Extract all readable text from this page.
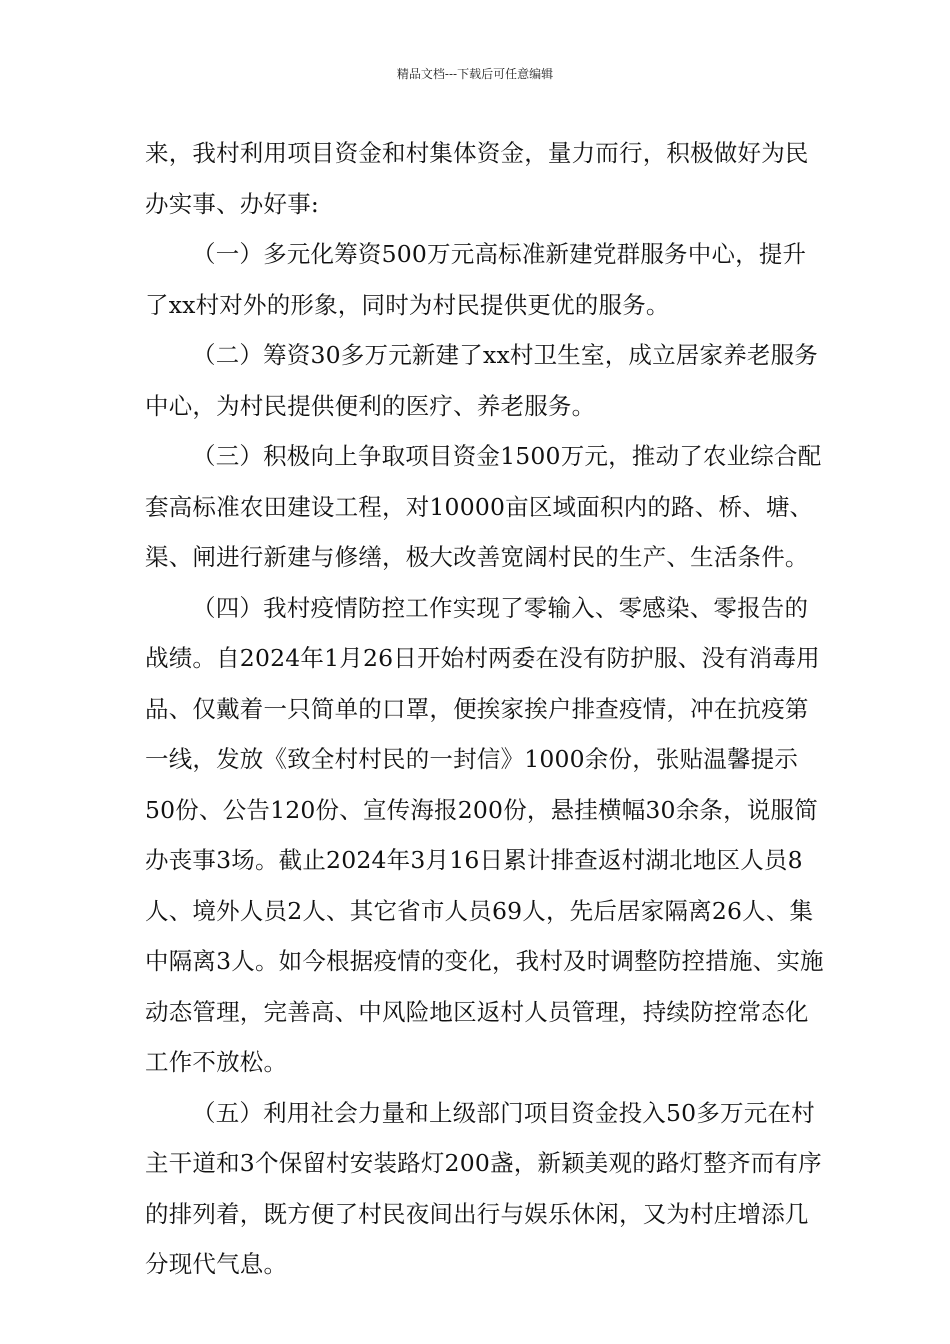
精品文档---下载后可任意编辑

来，我村利用项目资金和村集体资金，量力而行，积极做好为民办实事、办好事:

（一）多元化筹资500万元高标准新建党群服务中心，提升了xx村对外的形象，同时为村民提供更优的服务。

（二）筹资30多万元新建了xx村卫生室，成立居家养老服务中心，为村民提供便利的医疗、养老服务。

（三）积极向上争取项目资金1500万元，推动了农业综合配套高标准农田建设工程，对10000亩区域面积内的路、桥、塘、渠、闸进行新建与修缮，极大改善宽阔村民的生产、生活条件。

（四）我村疫情防控工作实现了零输入、零感染、零报告的战绩。自2024年1月26日开始村两委在没有防护服、没有消毒用品、仅戴着一只简单的口罩，便挨家挨户排查疫情，冲在抗疫第一线，发放《致全村村民的一封信》1000余份，张贴温馨提示50份、公告120份、宣传海报200份，悬挂横幅30余条，说服简办丧事3场。截止2024年3月16日累计排查返村湖北地区人员8人、境外人员2人、其它省市人员69人，先后居家隔离26人、集中隔离3人。如今根据疫情的变化，我村及时调整防控措施、实施动态管理，完善高、中风险地区返村人员管理，持续防控常态化工作不放松。

（五）利用社会力量和上级部门项目资金投入50多万元在村主干道和3个保留村安装路灯200盏，新颖美观的路灯整齐而有序的排列着，既方便了村民夜间出行与娱乐休闲，又为村庄增添几分现代气息。
